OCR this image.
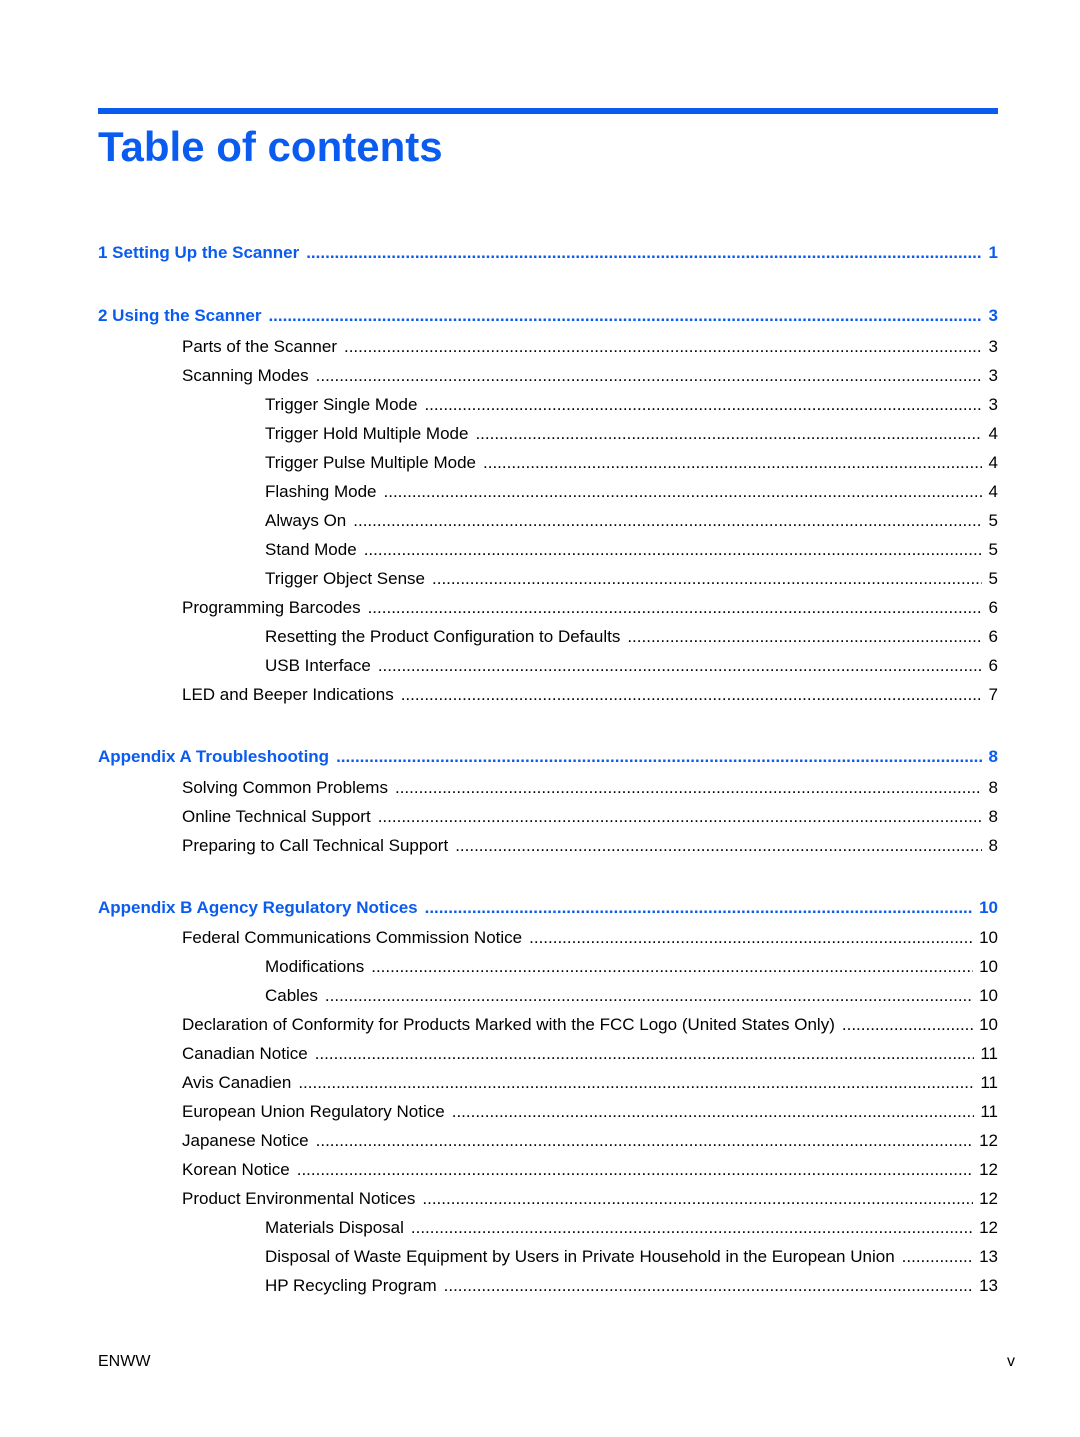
Table of contents
1 Setting Up the Scanner .....	1
2 Using the Scanner .....	3
Parts of the Scanner .....	3
Scanning Modes .....	3
Trigger Single Mode .....	3
Trigger Hold Multiple Mode .....	4
Trigger Pulse Multiple Mode .....	4
Flashing Mode .....	4
Always On .....	5
Stand Mode .....	5
Trigger Object Sense .....	5
Programming Barcodes .....	6
Resetting the Product Configuration to Defaults .....	6
USB Interface .....	6
LED and Beeper Indications .....	7
Appendix A Troubleshooting .....	8
Solving Common Problems .....	8
Online Technical Support .....	8
Preparing to Call Technical Support .....	8
Appendix B Agency Regulatory Notices .....	10
Federal Communications Commission Notice .....	10
Modifications .....	10
Cables .....	10
Declaration of Conformity for Products Marked with the FCC Logo (United States Only) .....	10
Canadian Notice .....	11
Avis Canadien .....	11
European Union Regulatory Notice .....	11
Japanese Notice .....	12
Korean Notice .....	12
Product Environmental Notices .....	12
Materials Disposal .....	12
Disposal of Waste Equipment by Users in Private Household in the European Union .....	13
HP Recycling Program .....	13
ENWW	v
